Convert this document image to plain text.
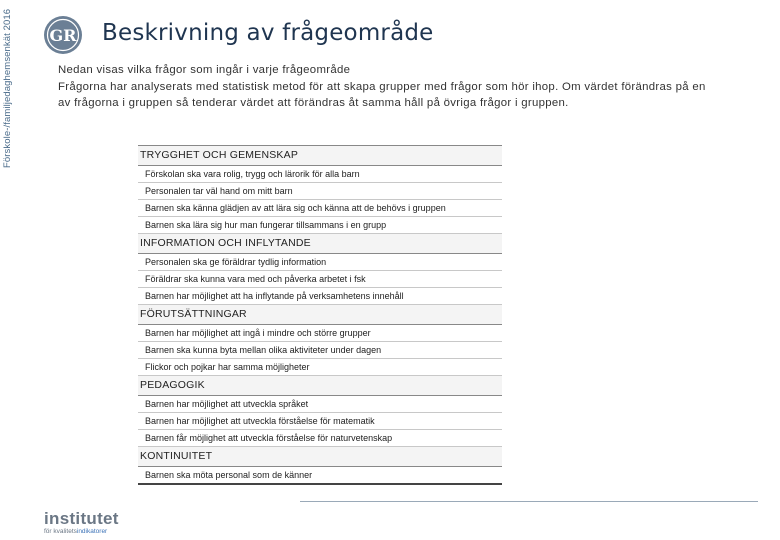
Förskole-/familjedaghemsenkät 2016 GR Beskrivning av frågeområde

Nedan visas vilka frågor som ingår i varje frågeområde

Frågorna har analyserats med statistisk metod för att skapa grupper med frågor som hör ihop. Om värdet förändras på en av frågorna i gruppen så tenderar värdet att förändras åt samma håll på övriga frågor i gruppen.

TRYGGHET OCH GEMENSKAP
Förskolan ska vara rolig, trygg och lärorik för alla barn
Personalen tar väl hand om mitt barn
Barnen ska känna glädjen av att lära sig och känna att de behövs i gruppen
Barnen ska lära sig hur man fungerar tillsammans i en grupp
INFORMATION OCH INFLYTANDE
Personalen ska ge föräldrar tydlig information
Föräldrar ska kunna vara med och påverka arbetet i fsk
Barnen har möjlighet att ha inflytande på verksamhetens innehåll
FÖRUTSÄTTNINGAR
Barnen har möjlighet att ingå i mindre och större grupper
Barnen ska kunna byta mellan olika aktiviteter under dagen
Flickor och pojkar har samma möjligheter
PEDAGOGIK
Barnen har möjlighet att utveckla språket
Barnen har möjlighet att utveckla förståelse för matematik
Barnen får möjlighet att utveckla förståelse för naturvetenskap
KONTINUITET
Barnen ska möta personal som de känner
institutet
för kvalitetsindikatorer
